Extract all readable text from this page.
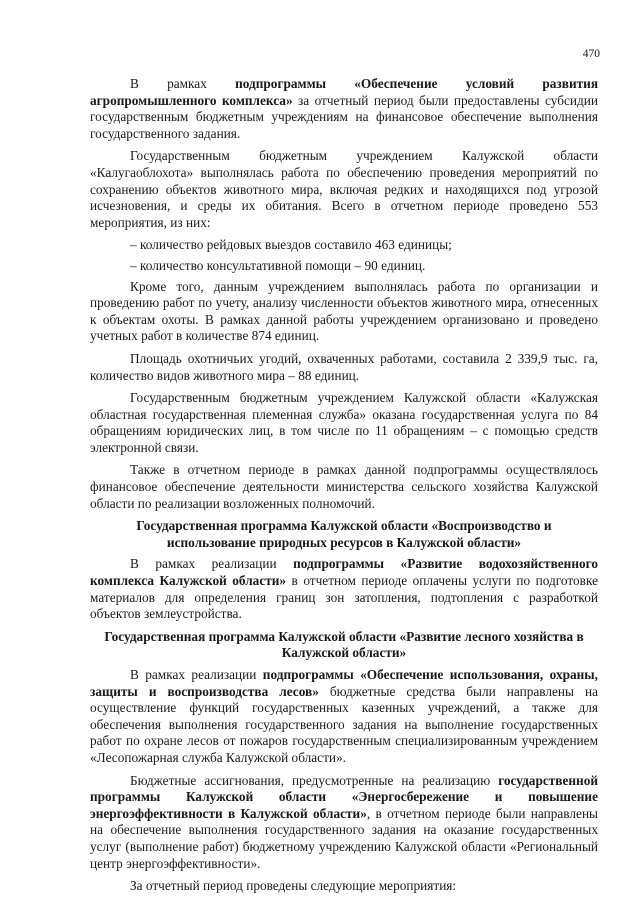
470

В рамках подпрограммы «Обеспечение условий развития агропромышленного комплекса» за отчетный период были предоставлены субсидии государственным бюджетным учреждениям на финансовое обеспечение выполнения государственного задания.

Государственным бюджетным учреждением Калужской области «Калугаоблохота» выполнялась работа по обеспечению проведения мероприятий по сохранению объектов животного мира, включая редких и находящихся под угрозой исчезновения, и среды их обитания. Всего в отчетном периоде проведено 553 мероприятия, из них:

– количество рейдовых выездов составило 463 единицы;

– количество консультативной помощи – 90 единиц.

Кроме того, данным учреждением выполнялась работа по организации и проведению работ по учету, анализу численности объектов животного мира, отнесенных к объектам охоты. В рамках данной работы учреждением организовано и проведено учетных работ в количестве 874 единиц.

Площадь охотничьих угодий, охваченных работами, составила 2 339,9 тыс. га, количество видов животного мира – 88 единиц.

Государственным бюджетным учреждением Калужской области «Калужская областная государственная племенная служба» оказана государственная услуга по 84 обращениям юридических лиц, в том числе по 11 обращениям – с помощью средств электронной связи.

Также в отчетном периоде в рамках данной подпрограммы осуществлялось финансовое обеспечение деятельности министерства сельского хозяйства Калужской области по реализации возложенных полномочий.

Государственная программа Калужской области «Воспроизводство и использование природных ресурсов в Калужской области»

В рамках реализации подпрограммы «Развитие водохозяйственного комплекса Калужской области» в отчетном периоде оплачены услуги по подготовке материалов для определения границ зон затопления, подтопления с разработкой объектов землеустройства.

Государственная программа Калужской области «Развитие лесного хозяйства в Калужской области»

В рамках реализации подпрограммы «Обеспечение использования, охраны, защиты и воспроизводства лесов» бюджетные средства были направлены на осуществление функций государственных казенных учреждений, а также для обеспечения выполнения государственного задания на выполнение государственных работ по охране лесов от пожаров государственным специализированным учреждением «Лесопожарная служба Калужской области».

Бюджетные ассигнования, предусмотренные на реализацию государственной программы Калужской области «Энергосбережение и повышение энергоэффективности в Калужской области», в отчетном периоде были направлены на обеспечение выполнения государственного задания на оказание государственных услуг (выполнение работ) бюджетному учреждению Калужской области «Региональный центр энергоэффективности».

За отчетный период проведены следующие мероприятия:
